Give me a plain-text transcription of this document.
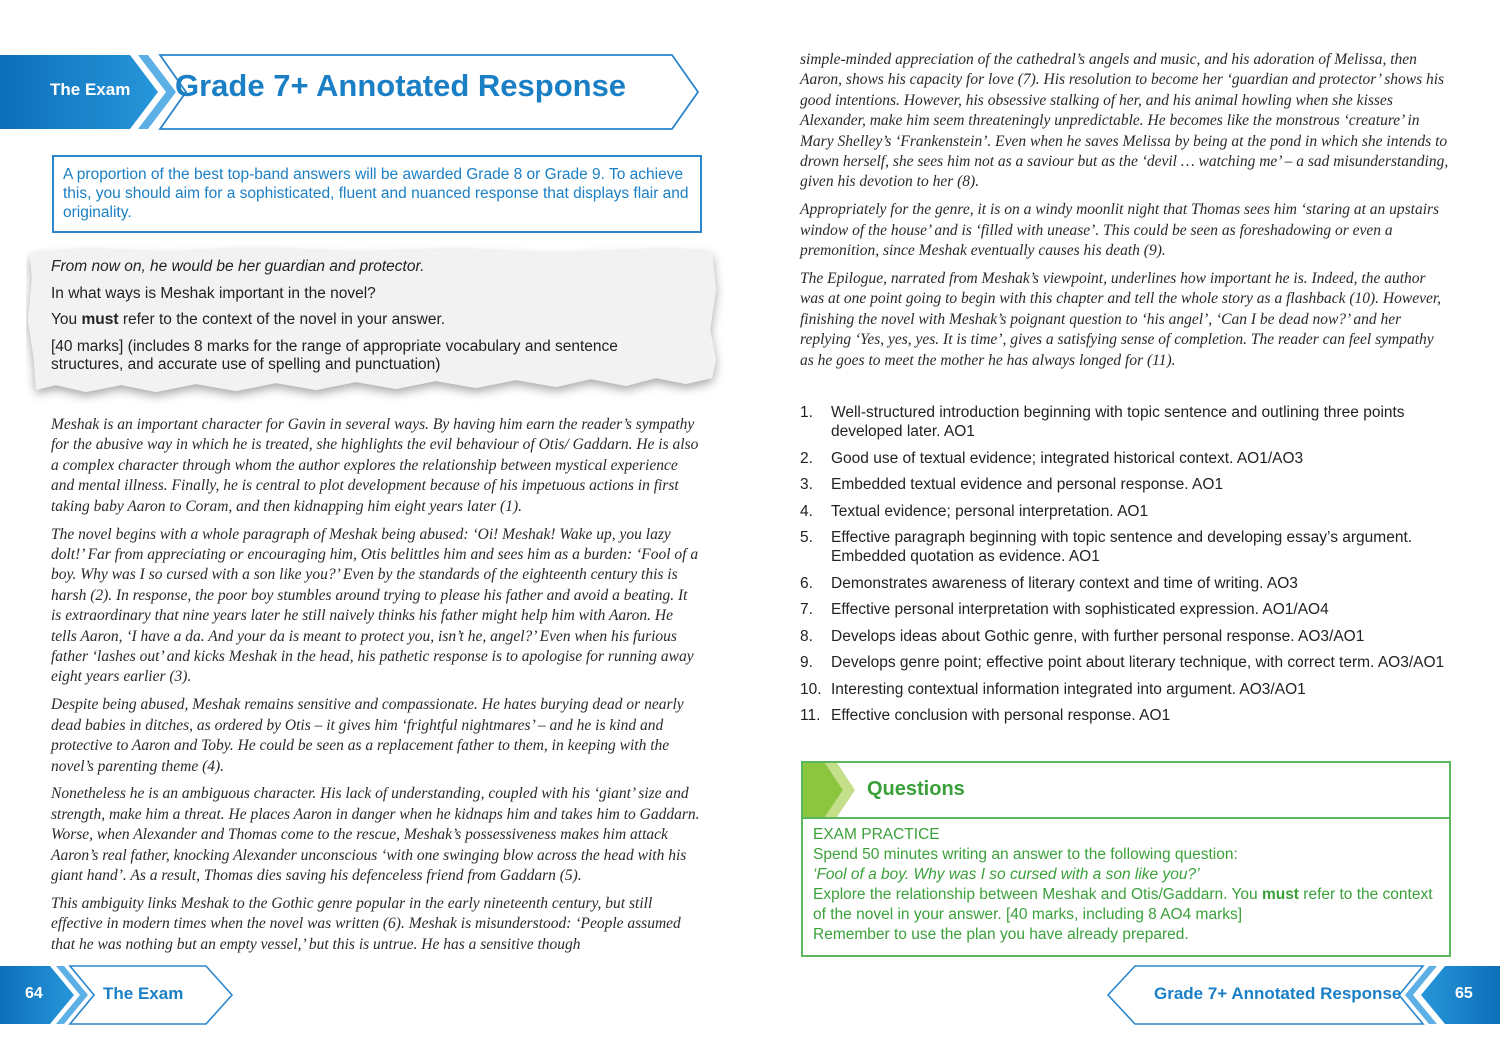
The Exam	Grade 7+ Annotated Response
A proportion of the best top-band answers will be awarded Grade 8 or Grade 9. To achieve this, you should aim for a sophisticated, fluent and nuanced response that displays flair and originality.

From now on, he would be her guardian and protector.

In what ways is Meshak important in the novel?

You must refer to the context of the novel in your answer.

[40 marks] (includes 8 marks for the range of appropriate vocabulary and sentence structures, and accurate use of spelling and punctuation)

Meshak is an important character for Gavin in several ways. By having him earn the reader’s sympathy for the abusive way in which he is treated, she highlights the evil behaviour of Otis/ Gaddarn. He is also a complex character through whom the author explores the relationship between mystical experience and mental illness. Finally, he is central to plot development because of his impetuous actions in first taking baby Aaron to Coram, and then kidnapping him eight years later (1).

The novel begins with a whole paragraph of Meshak being abused: ‘Oi! Meshak! Wake up, you lazy dolt!’ Far from appreciating or encouraging him, Otis belittles him and sees him as a burden: ‘Fool of a boy. Why was I so cursed with a son like you?’ Even by the standards of the eighteenth century this is harsh (2). In response, the poor boy stumbles around trying to please his father and avoid a beating. It is extraordinary that nine years later he still naively thinks his father might help him with Aaron. He tells Aaron, ‘I have a da. And your da is meant to protect you, isn’t he, angel?’ Even when his furious father ‘lashes out’ and kicks Meshak in the head, his pathetic response is to apologise for running away eight years earlier (3).

Despite being abused, Meshak remains sensitive and compassionate. He hates burying dead or nearly dead babies in ditches, as ordered by Otis – it gives him ‘frightful nightmares’ – and he is kind and protective to Aaron and Toby. He could be seen as a replacement father to them, in keeping with the novel’s parenting theme (4).

Nonetheless he is an ambiguous character. His lack of understanding, coupled with his ‘giant’ size and strength, make him a threat. He places Aaron in danger when he kidnaps him and takes him to Gaddarn. Worse, when Alexander and Thomas come to the rescue, Meshak’s possessiveness makes him attack Aaron’s real father, knocking Alexander unconscious ‘with one swinging blow across the head with his giant hand’. As a result, Thomas dies saving his defenceless friend from Gaddarn (5).

This ambiguity links Meshak to the Gothic genre popular in the early nineteenth century, but still effective in modern times when the novel was written (6). Meshak is misunderstood: ‘People assumed that he was nothing but an empty vessel,’ but this is untrue. He has a sensitive though

simple-minded appreciation of the cathedral’s angels and music, and his adoration of Melissa, then Aaron, shows his capacity for love (7). His resolution to become her ‘guardian and protector’ shows his good intentions. However, his obsessive stalking of her, and his animal howling when she kisses Alexander, make him seem threateningly unpredictable. He becomes like the monstrous ‘creature’ in Mary Shelley’s ‘Frankenstein’. Even when he saves Melissa by being at the pond in which she intends to drown herself, she sees him not as a saviour but as the ‘devil … watching me’ – a sad misunderstanding, given his devotion to her (8).

Appropriately for the genre, it is on a windy moonlit night that Thomas sees him ‘staring at an upstairs window of the house’ and is ‘filled with unease’. This could be seen as foreshadowing or even a premonition, since Meshak eventually causes his death (9).

The Epilogue, narrated from Meshak’s viewpoint, underlines how important he is. Indeed, the author was at one point going to begin with this chapter and tell the whole story as a flashback (10). However, finishing the novel with Meshak’s poignant question to ‘his angel’, ‘Can I be dead now?’ and her replying ‘Yes, yes, yes. It is time’, gives a satisfying sense of completion. The reader can feel sympathy as he goes to meet the mother he has always longed for (11).

1.	Well-structured introduction beginning with topic sentence and outlining three points developed later. AO1
2.	Good use of textual evidence; integrated historical context. AO1/AO3
3.	Embedded textual evidence and personal response. AO1
4.	Textual evidence; personal interpretation. AO1
5.	Effective paragraph beginning with topic sentence and developing essay’s argument. Embedded quotation as evidence. AO1
6.	Demonstrates awareness of literary context and time of writing. AO3
7.	Effective personal interpretation with sophisticated expression. AO1/AO4
8.	Develops ideas about Gothic genre, with further personal response. AO3/AO1
9.	Develops genre point; effective point about literary technique, with correct term. AO3/AO1
10. Interesting contextual information integrated into argument. AO3/AO1
11. Effective conclusion with personal response. AO1
Questions
EXAM PRACTICE
Spend 50 minutes writing an answer to the following question:
‘Fool of a boy. Why was I so cursed with a son like you?’
Explore the relationship between Meshak and Otis/Gaddarn. You must refer to the context of the novel in your answer. [40 marks, including 8 AO4 marks]
Remember to use the plan you have already prepared.
64	The Exam	Grade 7+ Annotated Response	65
